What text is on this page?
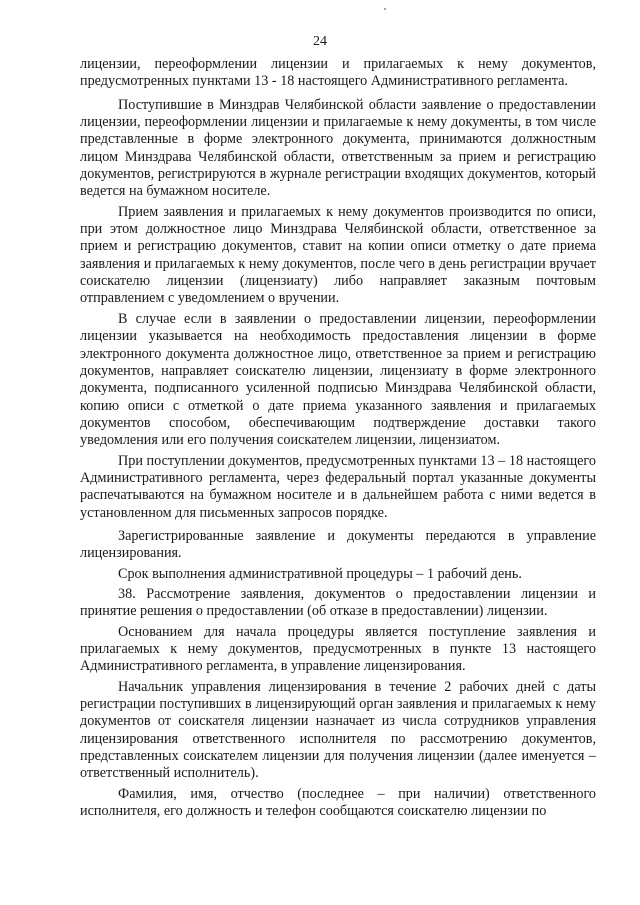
24

лицензии, переоформлении лицензии и прилагаемых к нему документов, предусмотренных пунктами 13 - 18 настоящего Административного регламента.

Поступившие в Минздрав Челябинской области заявление о предоставлении лицензии, переоформлении лицензии и прилагаемые к нему документы, в том числе представленные в форме электронного документа, принимаются должностным лицом Минздрава Челябинской области, ответственным за прием и регистрацию документов, регистрируются в журнале регистрации входящих документов, который ведется на бумажном носителе.

Прием заявления и прилагаемых к нему документов производится по описи, при этом должностное лицо Минздрава Челябинской области, ответственное за прием и регистрацию документов, ставит на копии описи отметку о дате приема заявления и прилагаемых к нему документов, после чего в день регистрации вручает соискателю лицензии (лицензиату) либо направляет заказным почтовым отправлением с уведомлением о вручении.

В случае если в заявлении о предоставлении лицензии, переоформлении лицензии указывается на необходимость предоставления лицензии в форме электронного документа должностное лицо, ответственное за прием и регистрацию документов, направляет соискателю лицензии, лицензиату в форме электронного документа, подписанного усиленной подписью Минздрава Челябинской области, копию описи с отметкой о дате приема указанного заявления и прилагаемых документов способом, обеспечивающим подтверждение доставки такого уведомления или его получения соискателем лицензии, лицензиатом.

При поступлении документов, предусмотренных пунктами 13 – 18 настоящего Административного регламента, через федеральный портал указанные документы распечатываются на бумажном носителе и в дальнейшем работа с ними ведется в установленном для письменных запросов порядке.

Зарегистрированные заявление и документы передаются в управление лицензирования.

Срок выполнения административной процедуры – 1 рабочий день.

38. Рассмотрение заявления, документов о предоставлении лицензии и принятие решения о предоставлении (об отказе в предоставлении) лицензии.

Основанием для начала процедуры является поступление заявления и прилагаемых к нему документов, предусмотренных в пункте 13 настоящего Административного регламента, в управление лицензирования.

Начальник управления лицензирования в течение 2 рабочих дней с даты регистрации поступивших в лицензирующий орган заявления и прилагаемых к нему документов от соискателя лицензии назначает из числа сотрудников управления лицензирования ответственного исполнителя по рассмотрению документов, представленных соискателем лицензии для получения лицензии (далее именуется – ответственный исполнитель).

Фамилия, имя, отчество (последнее – при наличии) ответственного исполнителя, его должность и телефон сообщаются соискателю лицензии по
